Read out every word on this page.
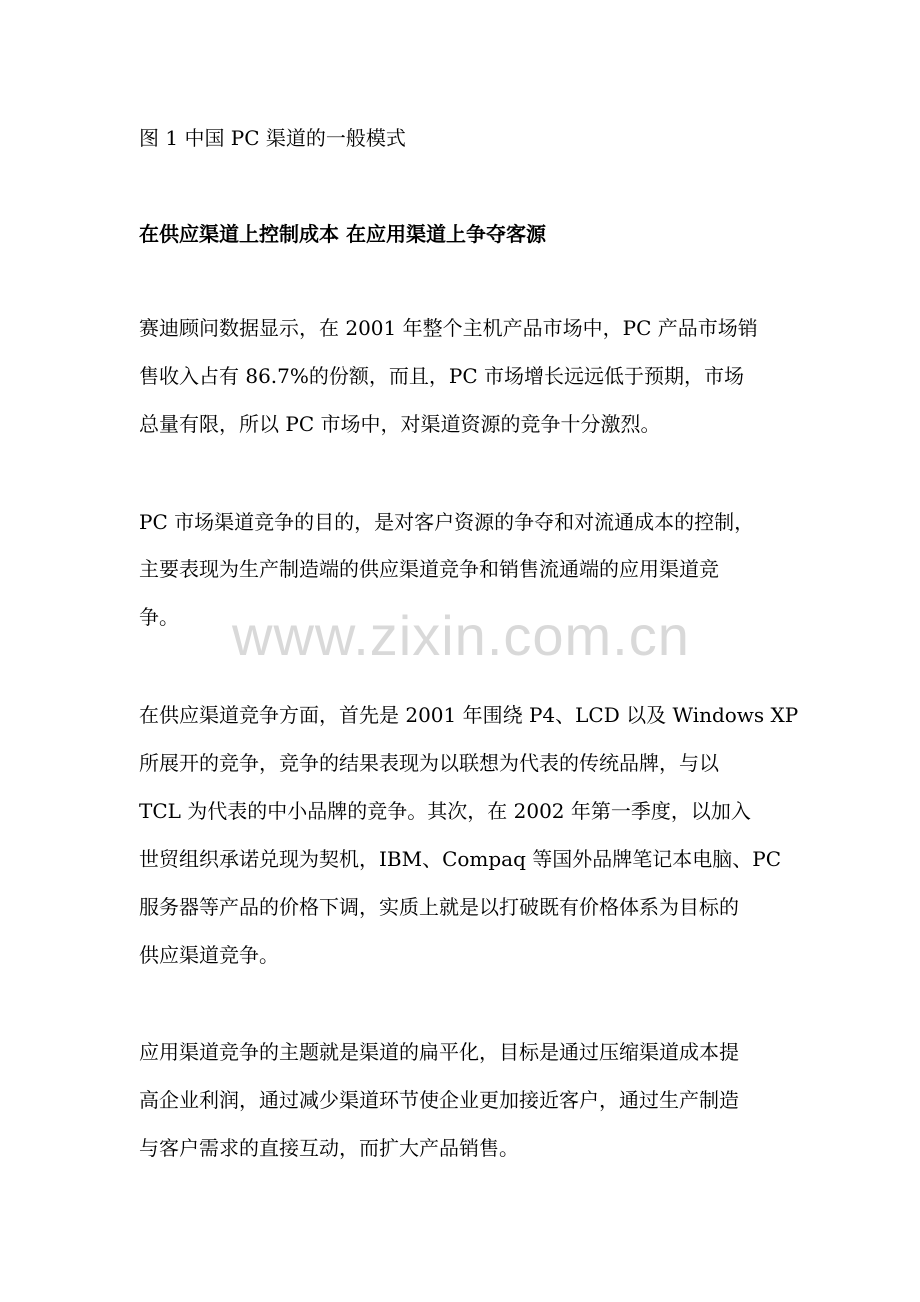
图 1 中国 PC 渠道的一般模式
在供应渠道上控制成本 在应用渠道上争夺客源
赛迪顾问数据显示，在 2001 年整个主机产品市场中，PC 产品市场销
售收入占有 86.7%的份额，而且，PC 市场增长远远低于预期，市场
总量有限，所以 PC 市场中，对渠道资源的竞争十分激烈。
PC 市场渠道竞争的目的，是对客户资源的争夺和对流通成本的控制，
主要表现为生产制造端的供应渠道竞争和销售流通端的应用渠道竞
争。
在供应渠道竞争方面，首先是 2001 年围绕 P4、LCD 以及 Windows XP
所展开的竞争，竞争的结果表现为以联想为代表的传统品牌，与以
TCL 为代表的中小品牌的竞争。其次，在 2002 年第一季度，以加入
世贸组织承诺兑现为契机，IBM、Compaq 等国外品牌笔记本电脑、PC
服务器等产品的价格下调，实质上就是以打破既有价格体系为目标的
供应渠道竞争。
应用渠道竞争的主题就是渠道的扁平化，目标是通过压缩渠道成本提
高企业利润，通过减少渠道环节使企业更加接近客户，通过生产制造
与客户需求的直接互动，而扩大产品销售。
www.zixin.com.cn
